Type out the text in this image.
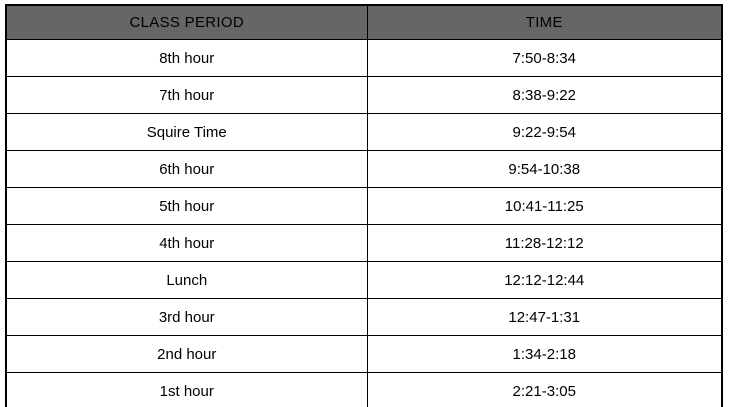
CLASS PERIOD	TIME
8th hour	7:50-8:34
7th hour	8:38-9:22
Squire Time	9:22-9:54
6th hour	9:54-10:38
5th hour	10:41-11:25
4th hour	11:28-12:12
Lunch	12:12-12:44
3rd hour	12:47-1:31
2nd hour	1:34-2:18
1st hour	2:21-3:05
